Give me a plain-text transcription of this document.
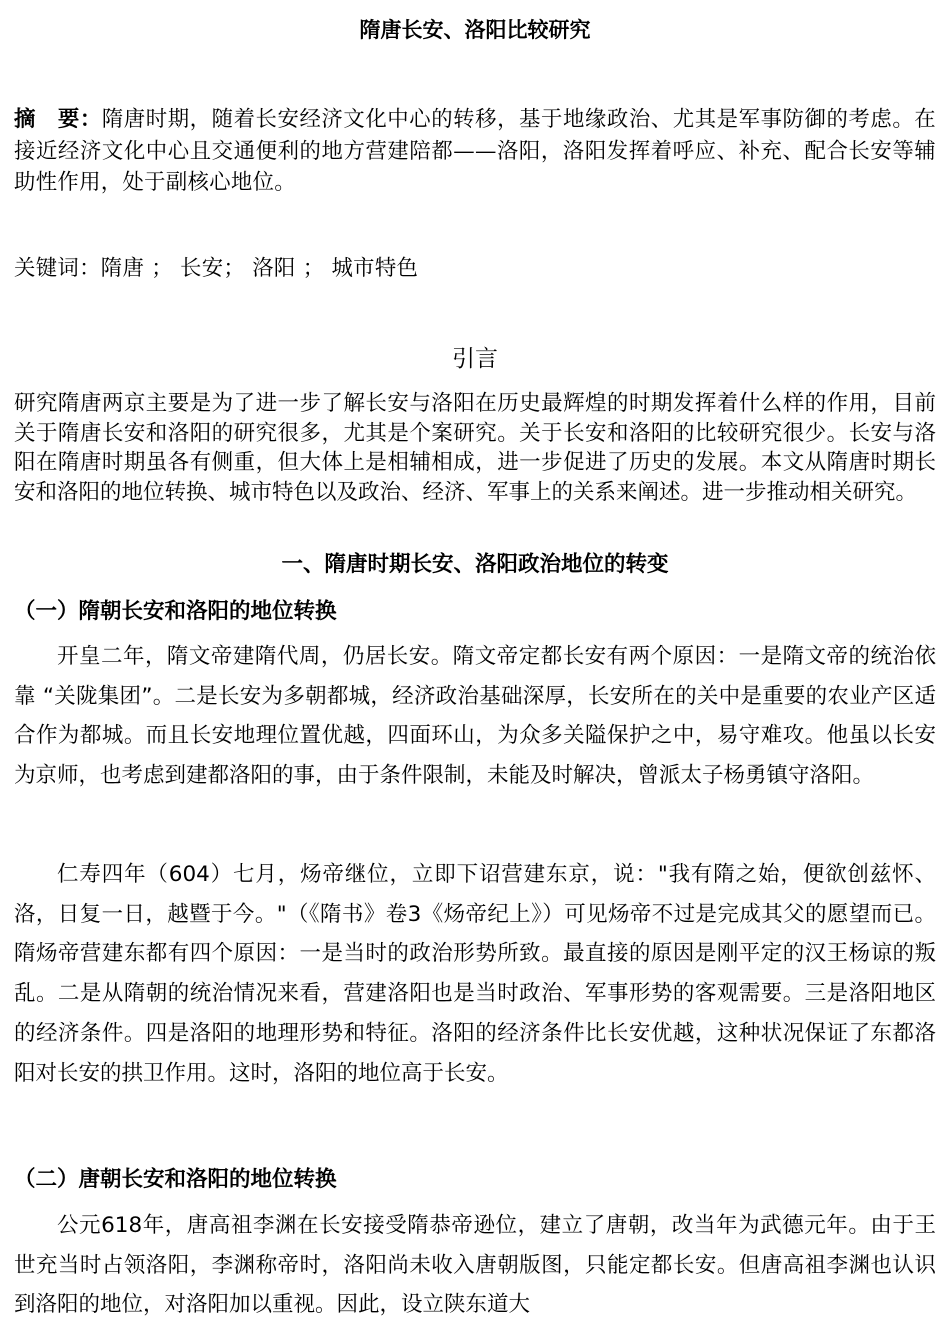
隋唐长安、洛阳比较研究
摘　要：隋唐时期，随着长安经济文化中心的转移，基于地缘政治、尤其是军事防御的考虑。在接近经济文化中心且交通便利的地方营建陪都——洛阳，洛阳发挥着呼应、补充、配合长安等辅助性作用，处于副核心地位。
关键词：隋唐 ； 长安； 洛阳 ； 城市特色
引言
研究隋唐两京主要是为了进一步了解长安与洛阳在历史最辉煌的时期发挥着什么样的作用，目前关于隋唐长安和洛阳的研究很多，尤其是个案研究。关于长安和洛阳的比较研究很少。长安与洛阳在隋唐时期虽各有侧重，但大体上是相辅相成，进一步促进了历史的发展。本文从隋唐时期长安和洛阳的地位转换、城市特色以及政治、经济、军事上的关系来阐述。进一步推动相关研究。
一、隋唐时期长安、洛阳政治地位的转变
（一）隋朝长安和洛阳的地位转换
开皇二年，隋文帝建隋代周，仍居长安。隋文帝定都长安有两个原因：一是隋文帝的统治依靠 “关陇集团”。二是长安为多朝都城，经济政治基础深厚，长安所在的关中是重要的农业产区适合作为都城。而且长安地理位置优越，四面环山，为众多关隘保护之中，易守难攻。他虽以长安为京师，也考虑到建都洛阳的事，由于条件限制，未能及时解决，曾派太子杨勇镇守洛阳。
仁寿四年（604）七月，炀帝继位，立即下诏营建东京，说："我有隋之始，便欲创兹怀、洛，日复一日，越暨于今。"（《隋书》卷3《炀帝纪上》）可见炀帝不过是完成其父的愿望而已。隋炀帝营建东都有四个原因：一是当时的政治形势所致。最直接的原因是刚平定的汉王杨谅的叛乱。二是从隋朝的统治情况来看，营建洛阳也是当时政治、军事形势的客观需要。三是洛阳地区的经济条件。四是洛阳的地理形势和特征。洛阳的经济条件比长安优越，这种状况保证了东都洛阳对长安的拱卫作用。这时，洛阳的地位高于长安。
（二）唐朝长安和洛阳的地位转换
公元618年，唐高祖李渊在长安接受隋恭帝逊位，建立了唐朝，改当年为武德元年。由于王世充当时占领洛阳，李渊称帝时，洛阳尚未收入唐朝版图，只能定都长安。但唐高祖李渊也认识到洛阳的地位，对洛阳加以重视。因此，设立陕东道大
